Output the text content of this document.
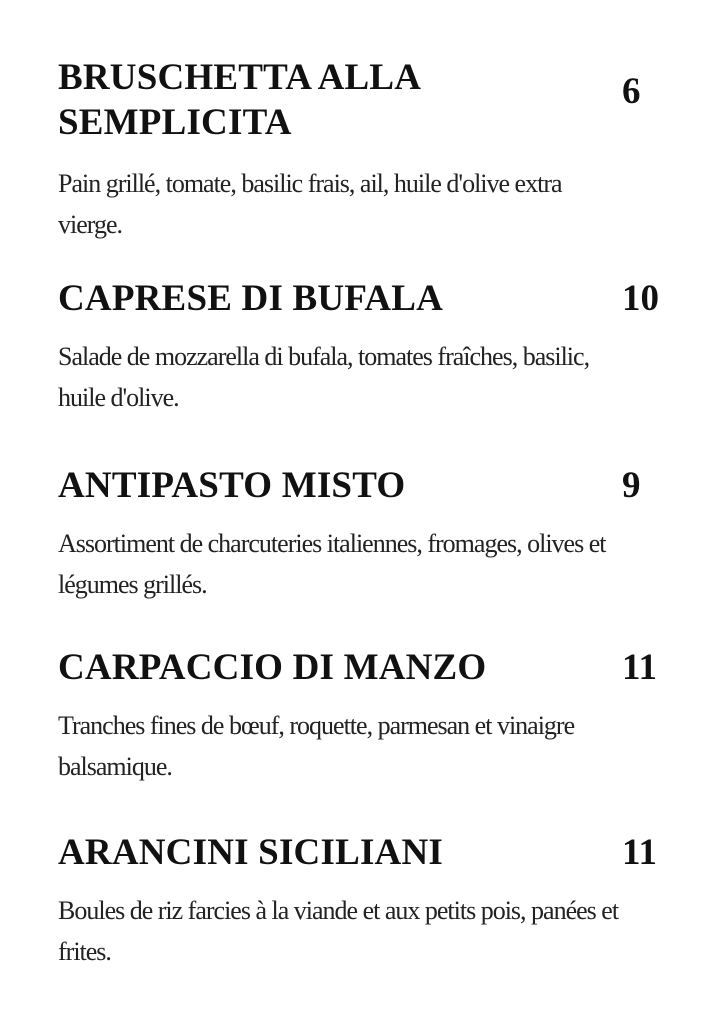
BRUSCHETTA ALLA SEMPLICITA
6

Pain grillé, tomate, basilic frais, ail, huile d'olive extra vierge.

CAPRESE DI BUFALA	10

Salade de mozzarella di bufala, tomates fraîches, basilic, huile d'olive.

ANTIPASTO MISTO	9

Assortiment de charcuteries italiennes, fromages, olives et légumes grillés.

CARPACCIO DI MANZO	11

Tranches fines de bœuf, roquette, parmesan et vinaigre balsamique.

ARANCINI SICILIANI	11

Boules de riz farcies à la viande et aux petits pois, panées et frites.
